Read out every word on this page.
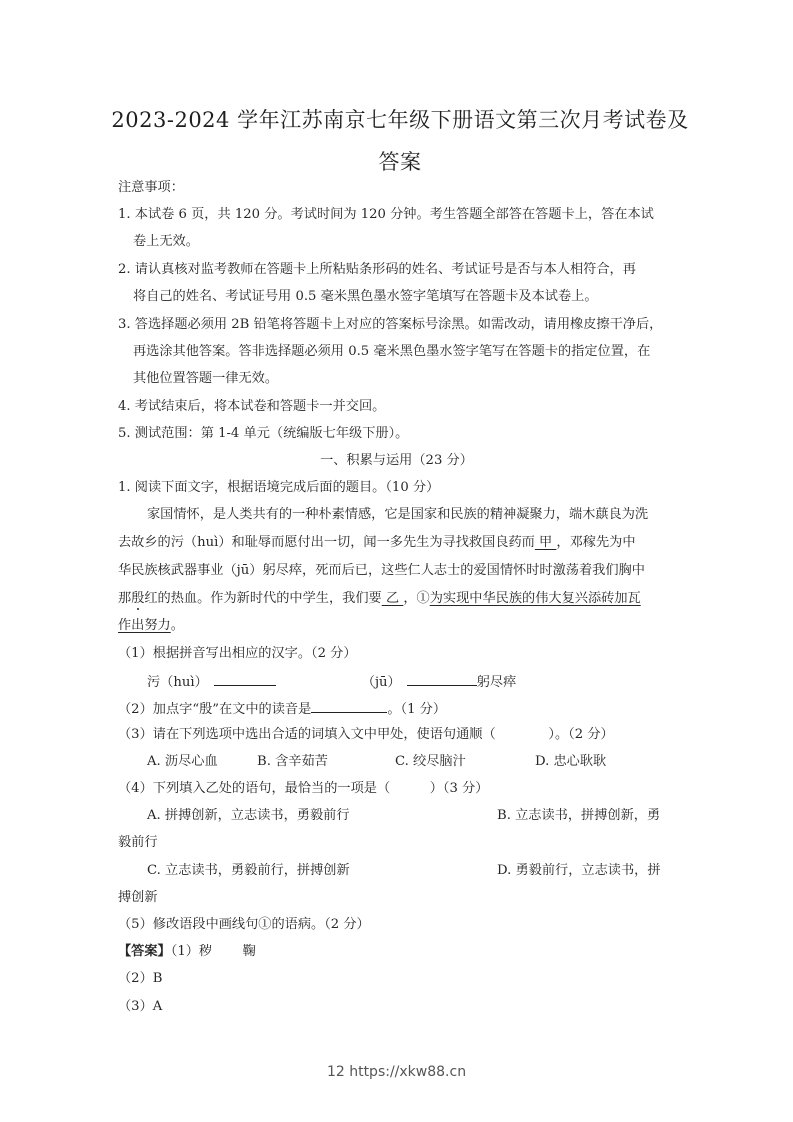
2023-2024 学年江苏南京七年级下册语文第三次月考试卷及
答案
注意事项：
1. 本试卷 6 页，共 120 分。考试时间为 120 分钟。考生答题全部答在答题卡上，答在本试
卷上无效。
2. 请认真核对监考教师在答题卡上所粘贴条形码的姓名、考试证号是否与本人相符合，再
将自己的姓名、考试证号用 0.5 毫米黑色墨水签字笔填写在答题卡及本试卷上。
3. 答选择题必须用 2B 铅笔将答题卡上对应的答案标号涂黑。如需改动，请用橡皮擦干净后，
再选涂其他答案。答非选择题必须用 0.5 毫米黑色墨水签字笔写在答题卡的指定位置，在
其他位置答题一律无效。
4. 考试结束后，将本试卷和答题卡一并交回。
5. 测试范围：第 1-4 单元（统编版七年级下册）。
一、积累与运用（23 分）
1. 阅读下面文字，根据语境完成后面的题目。（10 分）
家国情怀，是人类共有的一种朴素情感，它是国家和民族的精神凝聚力，端木蕻良为洗
去故乡的污（huì）和耻辱而愿付出一切，闻一多先生为寻找救国良药而 甲 ，邓稼先为中
华民族核武器事业（jū）躬尽瘁，死而后已，这些仁人志士的爱国情怀时时激荡着我们胸中
那殷红的热血。作为新时代的中学生，我们要 乙 ，①为实现中华民族的伟大复兴添砖加瓦
作出努力。
（1）根据拼音写出相应的汉字。（2 分）
污（huì）	（jū）	躬尽瘁
（2）加点字“殷”在文中的读音是	。（1 分）
（3）请在下列选项中选出合适的词填入文中甲处，使语句通顺（　　　　）。（2 分）
A. 沥尽心血	B. 含辛茹苦	C. 绞尽脑汁	D. 忠心耿耿
（4）下列填入乙处的语句，最恰当的一项是（　　　）（3 分）
A. 拼搏创新，立志读书，勇毅前行	B. 立志读书，拼搏创新，勇
毅前行
C. 立志读书，勇毅前行，拼搏创新	D. 勇毅前行，立志读书，拼
搏创新
（5）修改语段中画线句①的语病。（2 分）
【答案】（1）秽　　 鞠
（2）B
（3）A
12 https://xkw88.cn
